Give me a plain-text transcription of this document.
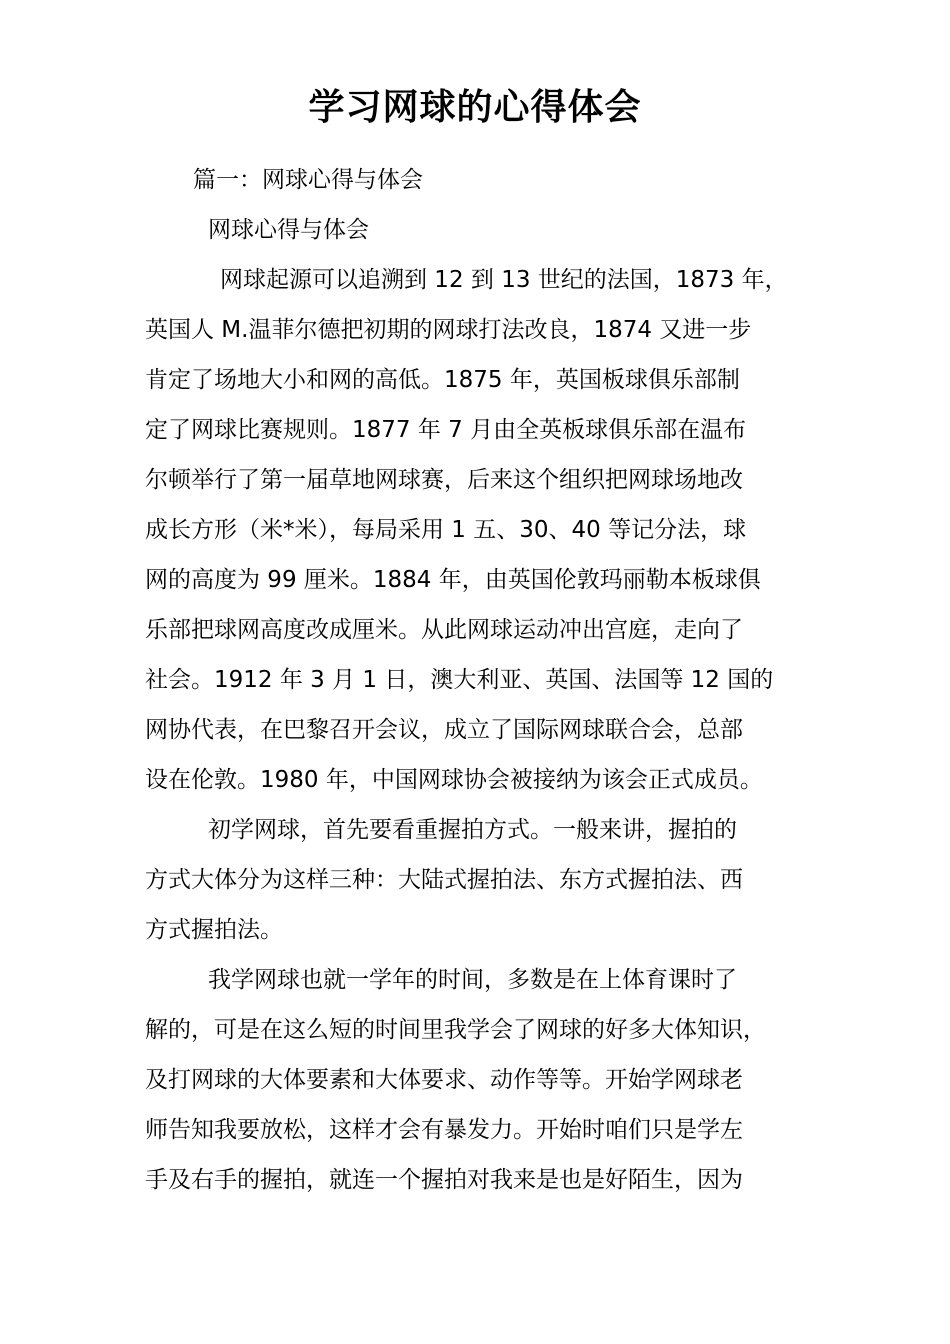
学习网球的心得体会

篇一：网球心得与体会

网球心得与体会

网球起源可以追溯到 12 到 13 世纪的法国，1873 年，

英国人 M.温菲尔德把初期的网球打法改良，1874 又进一步

肯定了场地大小和网的高低。1875 年，英国板球俱乐部制

定了网球比赛规则。1877 年 7 月由全英板球俱乐部在温布

尔顿举行了第一届草地网球赛，后来这个组织把网球场地改

成长方形（米*米），每局采用 1 五、30、40 等记分法，球

网的高度为 99 厘米。1884 年，由英国伦敦玛丽勒本板球俱

乐部把球网高度改成厘米。从此网球运动冲出宫庭，走向了

社会。1912 年 3 月 1 日，澳大利亚、英国、法国等 12 国的

网协代表，在巴黎召开会议，成立了国际网球联合会，总部

设在伦敦。1980 年，中国网球协会被接纳为该会正式成员。

初学网球，首先要看重握拍方式。一般来讲，握拍的

方式大体分为这样三种：大陆式握拍法、东方式握拍法、西

方式握拍法。

我学网球也就一学年的时间，多数是在上体育课时了

解的，可是在这么短的时间里我学会了网球的好多大体知识，

及打网球的大体要素和大体要求、动作等等。开始学网球老

师告知我要放松，这样才会有暴发力。开始时咱们只是学左

手及右手的握拍，就连一个握拍对我来是也是好陌生，因为
